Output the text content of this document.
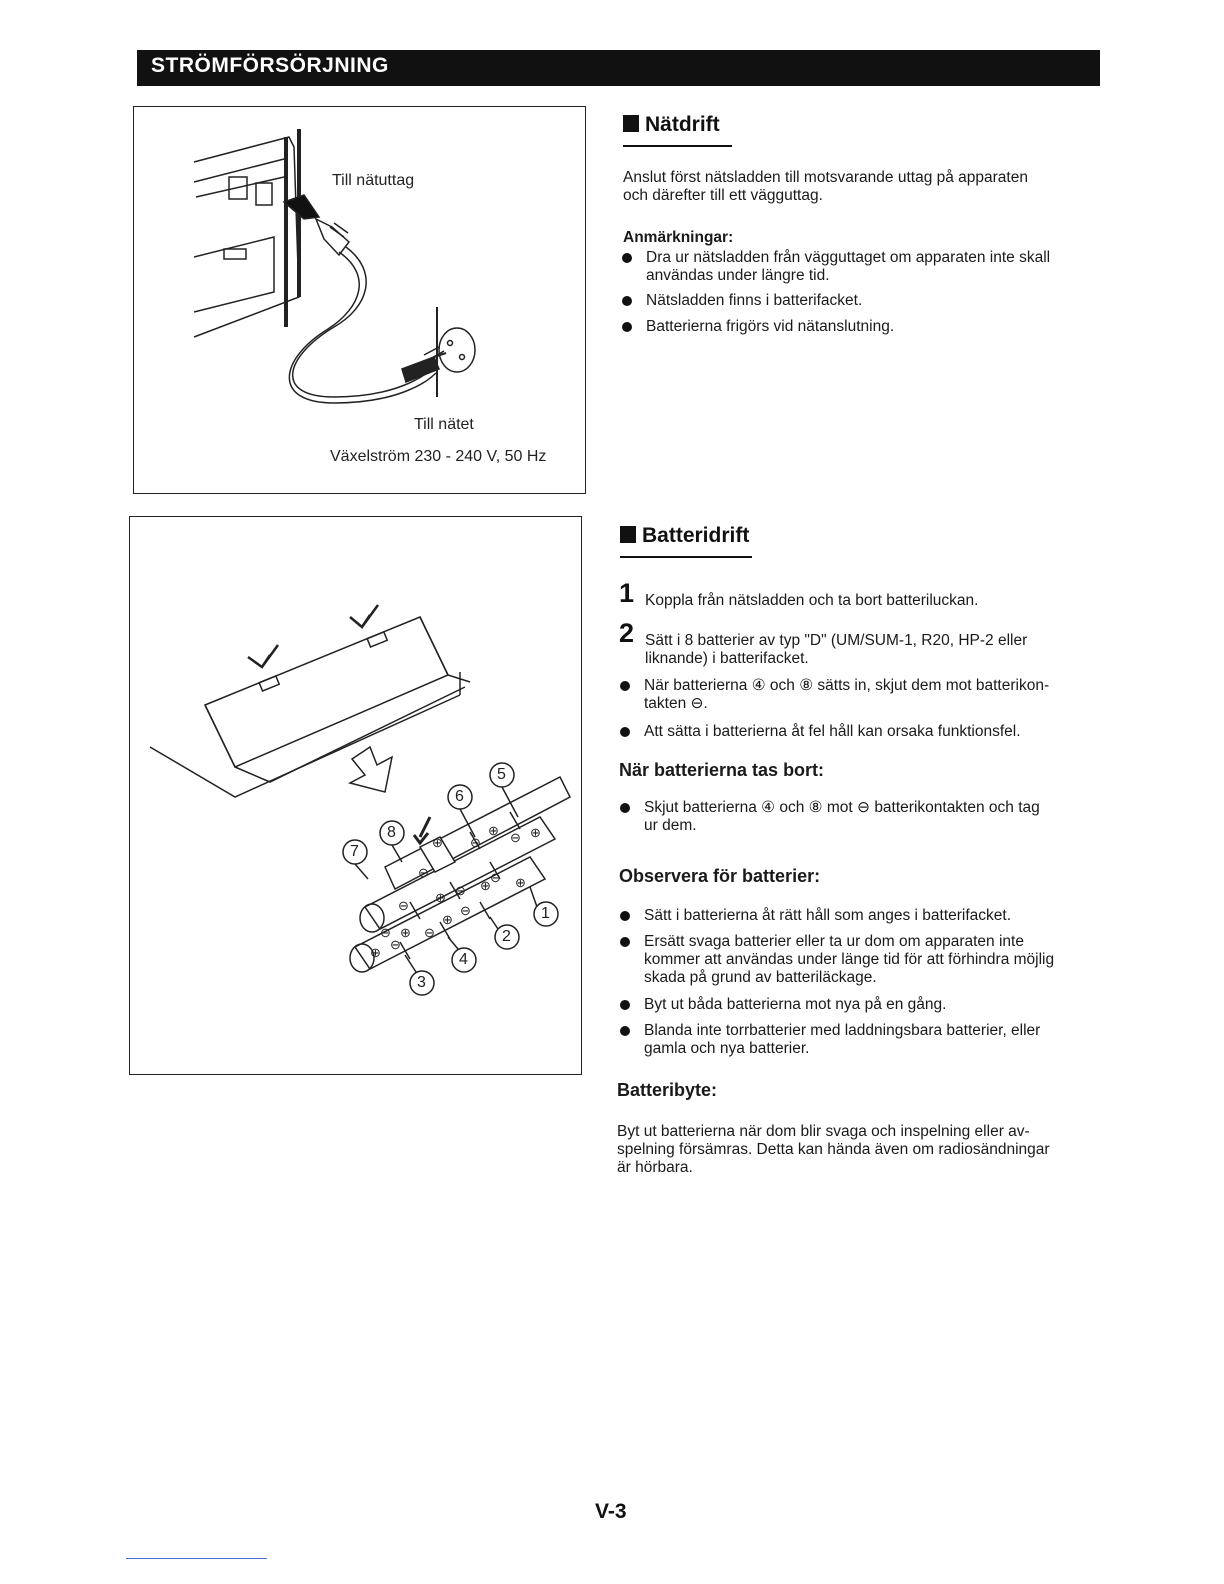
STRÖMFÖRSÖRJNING
Till nätuttag
Till nätet
Växelström 230 - 240 V, 50 Hz
Nätdrift
Anslut först nätsladden till motsvarande uttag på apparaten
och därefter till ett vägguttag.
Anmärkningar:
Dra ur nätsladden från vägguttaget om apparaten inte skall
användas under längre tid.
Nätsladden finns i batterifacket.
Batterierna frigörs vid nätanslutning.
⊕
⊖
⊖
⊕ ⊖ ⊕
⊕
⊖
⊕ ⊖ ⊕
⊖
⊖ ⊕
⊕
⊖
⊖
⊕
⊖
5
6
8
7
1
2
4
3
Batteridrift
1 Koppla från nätsladden och ta bort batteriluckan.
2 Sätt i 8 batterier av typ "D" (UM/SUM-1, R20, HP-2 eller
liknande) i batterifacket.
När batterierna ④ och ⑧ sätts in, skjut dem mot batterikon-
takten ⊖.
Att sätta i batterierna åt fel håll kan orsaka funktionsfel.
När batterierna tas bort:
Skjut batterierna ④ och ⑧ mot ⊖ batterikontakten och tag
ur dem.
Observera för batterier:
Sätt i batterierna åt rätt håll som anges i batterifacket.
Ersätt svaga batterier eller ta ur dom om apparaten inte
kommer att användas under länge tid för att förhindra möjlig
skada på grund av batteriläckage.
Byt ut båda batterierna mot nya på en gång.
Blanda inte torrbatterier med laddningsbara batterier, eller
gamla och nya batterier.
Batteribyte:
Byt ut batterierna när dom blir svaga och inspelning eller av-
spelning försämras. Detta kan hända även om radiosändningar
är hörbara.
V-3
